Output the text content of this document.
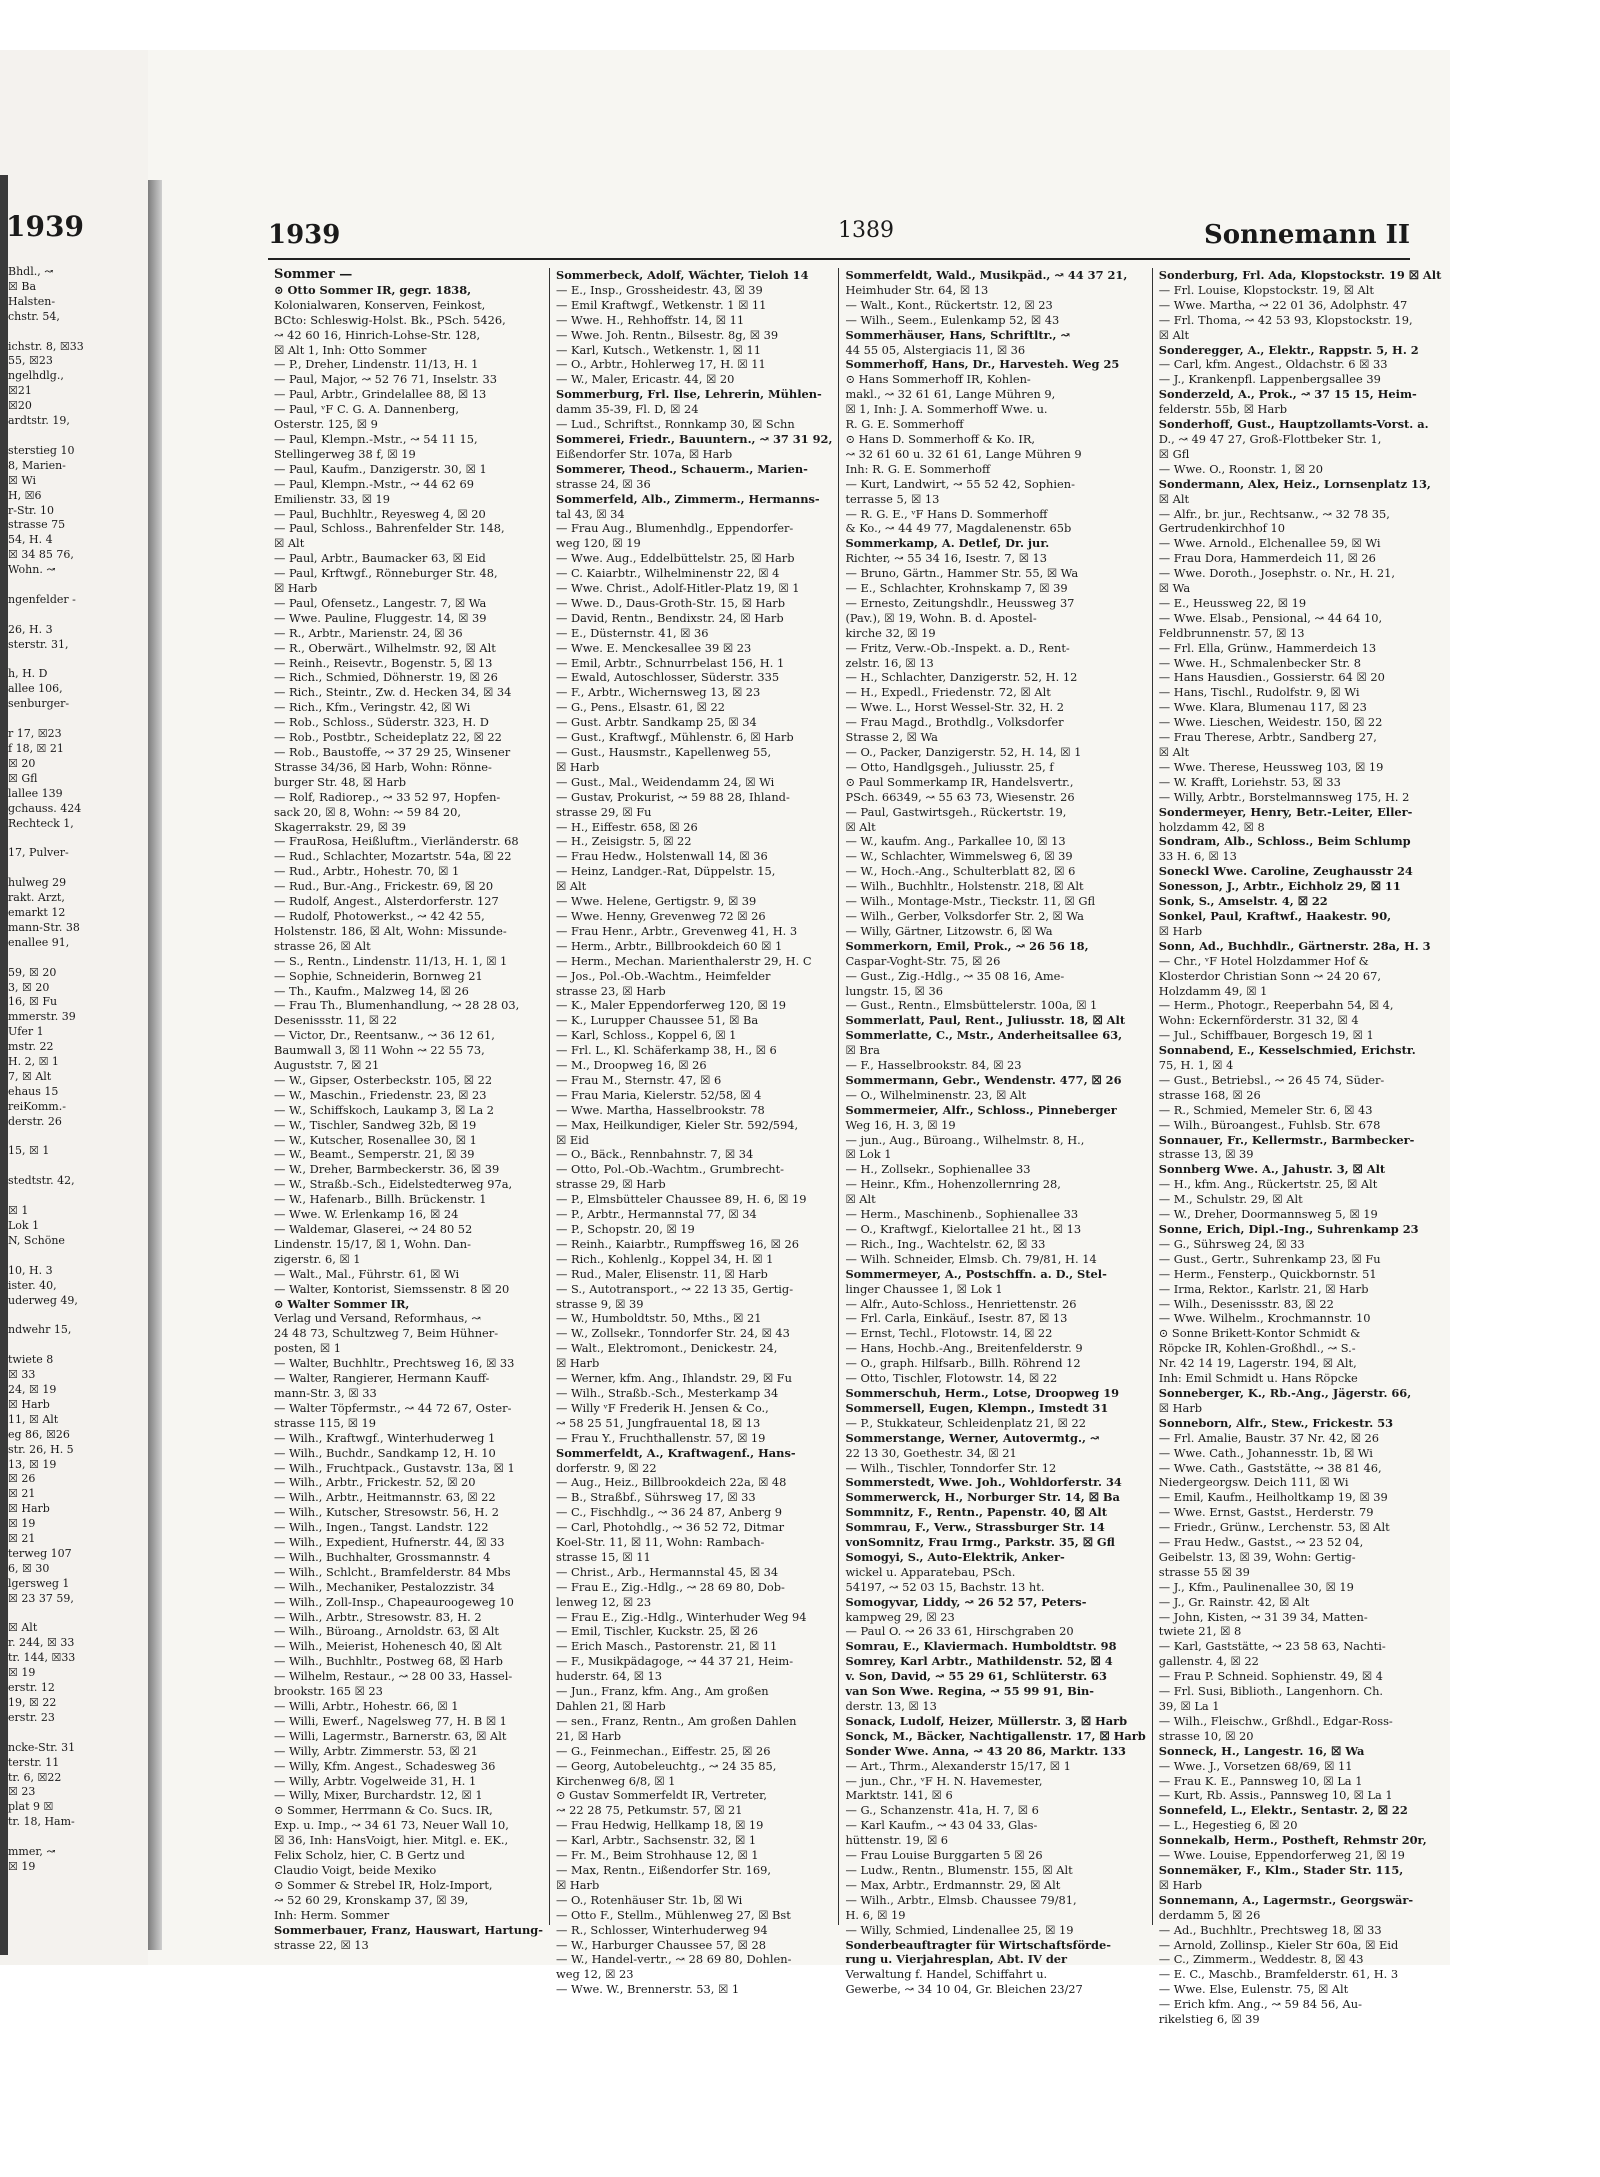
1939
Bhdl., ↝
☒ Ba
Halsten-
chstr. 54,

ichstr. 8, ☒33
55, ☒23
ngelhdlg.,
☒21
☒20
ardtstr. 19,

sterstieg 10
8, Marien-
☒ Wi
H, ☒6
r-Str. 10
strasse 75
54, H. 4
☒ 34 85 76,
Wohn. ↝

ngenfelder -

26, H. 3
sterstr. 31,

h, H. D
allee 106,
senburger-

r 17, ☒23
f 18, ☒ 21
☒ 20
☒ Gfl
lallee 139
gchauss. 424
Rechteck 1,

17, Pulver-

hulweg 29
rakt. Arzt,
emarkt 12
mann-Str. 38
enallee 91,

59, ☒ 20
3, ☒ 20
16, ☒ Fu
mmerstr. 39
Ufer 1
mstr. 22
H. 2, ☒ 1
7, ☒ Alt
ehaus 15
reiKomm.-
derstr. 26

15, ☒ 1

stedtstr. 42,

☒ 1
Lok 1
N, Schöne

10, H. 3
ister. 40,
uderweg 49,

ndwehr 15,

twiete 8
☒ 33
24, ☒ 19
☒ Harb
11, ☒ Alt
eg 86, ☒26
str. 26, H. 5
13, ☒ 19
☒ 26
☒ 21
☒ Harb
☒ 19
☒ 21
terweg 107
6, ☒ 30
lgersweg 1
☒ 23 37 59,

☒ Alt
r. 244, ☒ 33
tr. 144, ☒33
☒ 19
erstr. 12
19, ☒ 22
erstr. 23

ncke-Str. 31
terstr. 11
tr. 6, ☒22
☒ 23
plat 9 ☒
tr. 18, Ham-

mmer, ↝
☒ 19
1939	1389	Sonnemann II

Sommer —

⊙ Otto Sommer IR, gegr. 1838,

Kolonialwaren, Konserven, Feinkost,

BCto: Schleswig-Holst. Bk., PSch. 5426,

↝ 42 60 16, Hinrich-Lohse-Str. 128,

☒ Alt 1, Inh: Otto Sommer

— P., Dreher, Lindenstr. 11/13, H. 1

— Paul, Major, ↝ 52 76 71, Inselstr. 33

— Paul, Arbtr., Grindelallee 88, ☒ 13

— Paul, ᵛF C. G. A. Dannenberg,

Osterstr. 125, ☒ 9

— Paul, Klempn.-Mstr., ↝ 54 11 15,

Stellingerweg 38 f, ☒ 19

— Paul, Kaufm., Danzigerstr. 30, ☒ 1

— Paul, Klempn.-Mstr., ↝ 44 62 69

Emilienstr. 33, ☒ 19

— Paul, Buchhltr., Reyesweg 4, ☒ 20

— Paul, Schloss., Bahrenfelder Str. 148,

☒ Alt

— Paul, Arbtr., Baumacker 63, ☒ Eid

— Paul, Krftwgf., Rönneburger Str. 48,

☒ Harb

— Paul, Ofensetz., Langestr. 7, ☒ Wa

— Wwe. Pauline, Fluggestr. 14, ☒ 39

— R., Arbtr., Marienstr. 24, ☒ 36

— R., Oberwärt., Wilhelmstr. 92, ☒ Alt

— Reinh., Reisevtr., Bogenstr. 5, ☒ 13

— Rich., Schmied, Döhnerstr. 19, ☒ 26

— Rich., Steintr., Zw. d. Hecken 34, ☒ 34

— Rich., Kfm., Veringstr. 42, ☒ Wi

— Rob., Schloss., Süderstr. 323, H. D

— Rob., Postbtr., Scheideplatz 22, ☒ 22

— Rob., Baustoffe, ↝ 37 29 25, Winsener

Strasse 34/36, ☒ Harb, Wohn: Rönne-

burger Str. 48, ☒ Harb

— Rolf, Radiorep., ↝ 33 52 97, Hopfen-

sack 20, ☒ 8, Wohn: ↝ 59 84 20,

Skagerrakstr. 29, ☒ 39

— FrauRosa, Heißluftm., Vierländerstr. 68

— Rud., Schlachter, Mozartstr. 54a, ☒ 22

— Rud., Arbtr., Hohestr. 70, ☒ 1

— Rud., Bur.-Ang., Frickestr. 69, ☒ 20

— Rudolf, Angest., Alsterdorferstr. 127

— Rudolf, Photowerkst., ↝ 42 42 55,

Holstenstr. 186, ☒ Alt, Wohn: Missunde-

strasse 26, ☒ Alt

— S., Rentn., Lindenstr. 11/13, H. 1, ☒ 1

— Sophie, Schneiderin, Bornweg 21

— Th., Kaufm., Malzweg 14, ☒ 26

— Frau Th., Blumenhandlung, ↝ 28 28 03,

Desenissstr. 11, ☒ 22

— Victor, Dr., Reentsanw., ↝ 36 12 61,

Baumwall 3, ☒ 11 Wohn ↝ 22 55 73,

Auguststr. 7, ☒ 21

— W., Gipser, Osterbeckstr. 105, ☒ 22

— W., Maschin., Friedenstr. 23, ☒ 23

— W., Schiffskoch, Laukamp 3, ☒ La 2

— W., Tischler, Sandweg 32b, ☒ 19

— W., Kutscher, Rosenallee 30, ☒ 1

— W., Beamt., Semperstr. 21, ☒ 39

— W., Dreher, Barmbeckerstr. 36, ☒ 39

— W., Straßb.-Sch., Eidelstedterweg 97a,

— W., Hafenarb., Billh. Brückenstr. 1

— Wwe. W. Erlenkamp 16, ☒ 24

— Waldemar, Glaserei, ↝ 24 80 52

Lindenstr. 15/17, ☒ 1, Wohn. Dan-

zigerstr. 6, ☒ 1

— Walt., Mal., Führstr. 61, ☒ Wi

— Walter, Kontorist, Siemssenstr. 8 ☒ 20

⊙ Walter Sommer IR,

Verlag und Versand, Reformhaus, ↝

24 48 73, Schultzweg 7, Beim Hühner-

posten, ☒ 1

— Walter, Buchhltr., Prechtsweg 16, ☒ 33

— Walter, Rangierer, Hermann Kauff-

mann-Str. 3, ☒ 33

— Walter Töpfermstr., ↝ 44 72 67, Oster-

strasse 115, ☒ 19

— Wilh., Kraftwgf., Winterhuderweg 1

— Wilh., Buchdr., Sandkamp 12, H. 10

— Wilh., Fruchtpack., Gustavstr. 13a, ☒ 1

— Wilh., Arbtr., Frickestr. 52, ☒ 20

— Wilh., Arbtr., Heitmannstr. 63, ☒ 22

— Wilh., Kutscher, Stresowstr. 56, H. 2

— Wilh., Ingen., Tangst. Landstr. 122

— Wilh., Expedient, Hufnerstr. 44, ☒ 33

— Wilh., Buchhalter, Grossmannstr. 4

— Wilh., Schlcht., Bramfelderstr. 84 Mbs

— Wilh., Mechaniker, Pestalozzistr. 34

— Wilh., Zoll-Insp., Chapeauroogeweg 10

— Wilh., Arbtr., Stresowstr. 83, H. 2

— Wilh., Büroang., Arnoldstr. 63, ☒ Alt

— Wilh., Meierist, Hohenesch 40, ☒ Alt

— Wilh., Buchhltr., Postweg 68, ☒ Harb

— Wilhelm, Restaur., ↝ 28 00 33, Hassel-

brookstr. 165 ☒ 23

— Willi, Arbtr., Hohestr. 66, ☒ 1

— Willi, Ewerf., Nagelsweg 77, H. B ☒ 1

— Willi, Lagermstr., Barnerstr. 63, ☒ Alt

— Willy, Arbtr. Zimmerstr. 53, ☒ 21

— Willy, Kfm. Angest., Schadesweg 36

— Willy, Arbtr. Vogelweide 31, H. 1

— Willy, Mixer, Burchardstr. 12, ☒ 1

⊙ Sommer, Herrmann & Co. Sucs. IR,

Exp. u. Imp., ↝ 34 61 73, Neuer Wall 10,

☒ 36, Inh: HansVoigt, hier. Mitgl. e. EK.,

Felix Scholz, hier, C. B Gertz und

Claudio Voigt, beide Mexiko

⊙ Sommer & Strebel IR, Holz-Import,

↝ 52 60 29, Kronskamp 37, ☒ 39,

Inh: Herm. Sommer

Sommerbauer, Franz, Hauswart, Hartung-

strasse 22, ☒ 13

Sommerbeck, Adolf, Wächter, Tieloh 14

— E., Insp., Grossheidestr. 43, ☒ 39

— Emil Kraftwgf., Wetkenstr. 1 ☒ 11

— Wwe. H., Rehhoffstr. 14, ☒ 11

— Wwe. Joh. Rentn., Bilsestr. 8g, ☒ 39

— Karl, Kutsch., Wetkenstr. 1, ☒ 11

— O., Arbtr., Hohlerweg 17, H. ☒ 11

— W., Maler, Ericastr. 44, ☒ 20

Sommerburg, Frl. Ilse, Lehrerin, Mühlen-

damm 35-39, Fl. D, ☒ 24

— Lud., Schriftst., Ronnkamp 30, ☒ Schn

Sommerei, Friedr., Bauuntern., ↝ 37 31 92,

Eißendorfer Str. 107a, ☒ Harb

Sommerer, Theod., Schauerm., Marien-

strasse 24, ☒ 36

Sommerfeld, Alb., Zimmerm., Hermanns-

tal 43, ☒ 34

— Frau Aug., Blumenhdlg., Eppendorfer-

weg 120, ☒ 19

— Wwe. Aug., Eddelbüttelstr. 25, ☒ Harb

— C. Kaiarbtr., Wilhelminenstr 22, ☒ 4

— Wwe. Christ., Adolf-Hitler-Platz 19, ☒ 1

— Wwe. D., Daus-Groth-Str. 15, ☒ Harb

— David, Rentn., Bendixstr. 24, ☒ Harb

— E., Düsternstr. 41, ☒ 36

— Wwe. E. Menckesallee 39 ☒ 23

— Emil, Arbtr., Schnurrbelast 156, H. 1

— Ewald, Autoschlosser, Süderstr. 335

— F., Arbtr., Wichernsweg 13, ☒ 23

— G., Pens., Elsastr. 61, ☒ 22

— Gust. Arbtr. Sandkamp 25, ☒ 34

— Gust., Kraftwgf., Mühlenstr. 6, ☒ Harb

— Gust., Hausmstr., Kapellenweg 55,

☒ Harb

— Gust., Mal., Weidendamm 24, ☒ Wi

— Gustav, Prokurist, ↝ 59 88 28, Ihland-

strasse 29, ☒ Fu

— H., Eiffestr. 658, ☒ 26

— H., Zeisigstr. 5, ☒ 22

— Frau Hedw., Holstenwall 14, ☒ 36

— Heinz, Landger.-Rat, Düppelstr. 15,

☒ Alt

— Wwe. Helene, Gertigstr. 9, ☒ 39

— Wwe. Henny, Grevenweg 72 ☒ 26

— Frau Henr., Arbtr., Grevenweg 41, H. 3

— Herm., Arbtr., Billbrookdeich 60 ☒ 1

— Herm., Mechan. Marienthalerstr 29, H. C

— Jos., Pol.-Ob.-Wachtm., Heimfelder

strasse 23, ☒ Harb

— K., Maler Eppendorferweg 120, ☒ 19

— K., Lurupper Chaussee 51, ☒ Ba

— Karl, Schloss., Koppel 6, ☒ 1

— Frl. L., Kl. Schäferkamp 38, H., ☒ 6

— M., Droopweg 16, ☒ 26

— Frau M., Sternstr. 47, ☒ 6

— Frau Maria, Kielerstr. 52/58, ☒ 4

— Wwe. Martha, Hasselbrookstr. 78

— Max, Heilkundiger, Kieler Str. 592/594,

☒ Eid

— O., Bäck., Rennbahnstr. 7, ☒ 34

— Otto, Pol.-Ob.-Wachtm., Grumbrecht-

strasse 29, ☒ Harb

— P., Elmsbütteler Chaussee 89, H. 6, ☒ 19

— P., Arbtr., Hermannstal 77, ☒ 34

— P., Schopstr. 20, ☒ 19

— Reinh., Kaiarbtr., Rumpffsweg 16, ☒ 26

— Rich., Kohlenlg., Koppel 34, H. ☒ 1

— Rud., Maler, Elisenstr. 11, ☒ Harb

— S., Autotransport., ↝ 22 13 35, Gertig-

strasse 9, ☒ 39

— W., Humboldtstr. 50, Mths., ☒ 21

— W., Zollsekr., Tonndorfer Str. 24, ☒ 43

— Walt., Elektromont., Denickestr. 24,

☒ Harb

— Werner, kfm. Ang., Ihlandstr. 29, ☒ Fu

— Wilh., Straßb.-Sch., Mesterkamp 34

— Willy ᵛF Frederik H. Jensen & Co.,

↝ 58 25 51, Jungfrauental 18, ☒ 13

— Frau Y., Fruchthallenstr. 57, ☒ 19

Sommerfeldt, A., Kraftwagenf., Hans-

dorferstr. 9, ☒ 22

— Aug., Heiz., Billbrookdeich 22a, ☒ 48

— B., Straßbf., Sührsweg 17, ☒ 33

— C., Fischhdlg., ↝ 36 24 87, Anberg 9

— Carl, Photohdlg., ↝ 36 52 72, Ditmar

Koel-Str. 11, ☒ 11, Wohn: Rambach-

strasse 15, ☒ 11

— Christ., Arb., Hermannstal 45, ☒ 34

— Frau E., Zig.-Hdlg., ↝ 28 69 80, Dob-

lenweg 12, ☒ 23

— Frau E., Zig.-Hdlg., Winterhuder Weg 94

— Emil, Tischler, Kuckstr. 25, ☒ 26

— Erich Masch., Pastorenstr. 21, ☒ 11

— F., Musikpädagoge, ↝ 44 37 21, Heim-

huderstr. 64, ☒ 13

— Jun., Franz, kfm. Ang., Am großen

Dahlen 21, ☒ Harb

— sen., Franz, Rentn., Am großen Dahlen

21, ☒ Harb

— G., Feinmechan., Eiffestr. 25, ☒ 26

— Georg, Autobeleuchtg., ↝ 24 35 85,

Kirchenweg 6/8, ☒ 1

⊙ Gustav Sommerfeldt IR, Vertreter,

↝ 22 28 75, Petkumstr. 57, ☒ 21

— Frau Hedwig, Hellkamp 18, ☒ 19

— Karl, Arbtr., Sachsenstr. 32, ☒ 1

— Fr. M., Beim Strohhause 12, ☒ 1

— Max, Rentn., Eißendorfer Str. 169,

☒ Harb

— O., Rotenhäuser Str. 1b, ☒ Wi

— Otto F., Stellm., Mühlenweg 27, ☒ Bst

— R., Schlosser, Winterhuderweg 94

— W., Harburger Chaussee 57, ☒ 28

— W., Handel-vertr., ↝ 28 69 80, Dohlen-

weg 12, ☒ 23

— Wwe. W., Brennerstr. 53, ☒ 1

Sommerfeldt, Wald., Musikpäd., ↝ 44 37 21,

Heimhuder Str. 64, ☒ 13

— Walt., Kont., Rückertstr. 12, ☒ 23

— Wilh., Seem., Eulenkamp 52, ☒ 43

Sommerhäuser, Hans, Schriftltr., ↝

44 55 05, Alstergiacis 11, ☒ 36

Sommerhoff, Hans, Dr., Harvesteh. Weg 25

⊙ Hans Sommerhoff IR, Kohlen-

makl., ↝ 32 61 61, Lange Mühren 9,

☒ 1, Inh: J. A. Sommerhoff Wwe. u.

R. G. E. Sommerhoff

⊙ Hans D. Sommerhoff & Ko. IR,

↝ 32 61 60 u. 32 61 61, Lange Mühren 9

Inh: R. G. E. Sommerhoff

— Kurt, Landwirt, ↝ 55 52 42, Sophien-

terrasse 5, ☒ 13

— R. G. E., ᵛF Hans D. Sommerhoff

& Ko., ↝ 44 49 77, Magdalenenstr. 65b

Sommerkamp, A. Detlef, Dr. jur.

Richter, ↝ 55 34 16, Isestr. 7, ☒ 13

— Bruno, Gärtn., Hammer Str. 55, ☒ Wa

— E., Schlachter, Krohnskamp 7, ☒ 39

— Ernesto, Zeitungshdlr., Heussweg 37

(Pav.), ☒ 19, Wohn. B. d. Apostel-

kirche 32, ☒ 19

— Fritz, Verw.-Ob.-Inspekt. a. D., Rent-

zelstr. 16, ☒ 13

— H., Schlachter, Danzigerstr. 52, H. 12

— H., Expedl., Friedenstr. 72, ☒ Alt

— Wwe. L., Horst Wessel-Str. 32, H. 2

— Frau Magd., Brothdlg., Volksdorfer

Strasse 2, ☒ Wa

— O., Packer, Danzigerstr. 52, H. 14, ☒ 1

— Otto, Handlgsgeh., Juliusstr. 25, f

⊙ Paul Sommerkamp IR, Handelsvertr.,

PSch. 66349, ↝ 55 63 73, Wiesenstr. 26

— Paul, Gastwirtsgeh., Rückertstr. 19,

☒ Alt

— W., kaufm. Ang., Parkallee 10, ☒ 13

— W., Schlachter, Wimmelsweg 6, ☒ 39

— W., Hoch.-Ang., Schulterblatt 82, ☒ 6

— Wilh., Buchhltr., Holstenstr. 218, ☒ Alt

— Wilh., Montage-Mstr., Tieckstr. 11, ☒ Gfl

— Wilh., Gerber, Volksdorfer Str. 2, ☒ Wa

— Willy, Gärtner, Litzowstr. 6, ☒ Wa

Sommerkorn, Emil, Prok., ↝ 26 56 18,

Caspar-Voght-Str. 75, ☒ 26

— Gust., Zig.-Hdlg., ↝ 35 08 16, Ame-

lungstr. 15, ☒ 36

— Gust., Rentn., Elmsbüttelerstr. 100a, ☒ 1

Sommerlatt, Paul, Rent., Juliusstr. 18, ☒ Alt

Sommerlatte, C., Mstr., Anderheitsallee 63,

☒ Bra

— F., Hasselbrookstr. 84, ☒ 23

Sommermann, Gebr., Wendenstr. 477, ☒ 26

— O., Wilhelminenstr. 23, ☒ Alt

Sommermeier, Alfr., Schloss., Pinneberger

Weg 16, H. 3, ☒ 19

— jun., Aug., Büroang., Wilhelmstr. 8, H.,

☒ Lok 1

— H., Zollsekr., Sophienallee 33

— Heinr., Kfm., Hohenzollernring 28,

☒ Alt

— Herm., Maschinenb., Sophienallee 33

— O., Kraftwgf., Kielortallee 21 ht., ☒ 13

— Rich., Ing., Wachtelstr. 62, ☒ 33

— Wilh. Schneider, Elmsb. Ch. 79/81, H. 14

Sommermeyer, A., Postschffn. a. D., Stel-

linger Chaussee 1, ☒ Lok 1

— Alfr., Auto-Schloss., Henriettenstr. 26

— Frl. Carla, Einkäuf., Isestr. 87, ☒ 13

— Ernst, Techl., Flotowstr. 14, ☒ 22

— Hans, Hochb.-Ang., Breitenfelderstr. 9

— O., graph. Hilfsarb., Billh. Röhrend 12

— Otto, Tischler, Flotowstr. 14, ☒ 22

Sommerschuh, Herm., Lotse, Droopweg 19

Sommersell, Eugen, Klempn., Imstedt 31

— P., Stukkateur, Schleidenplatz 21, ☒ 22

Sommerstange, Werner, Autovermtg., ↝

22 13 30, Goethestr. 34, ☒ 21

— Wilh., Tischler, Tonndorfer Str. 12

Sommerstedt, Wwe. Joh., Wohldorferstr. 34

Sommerwerck, H., Norburger Str. 14, ☒ Ba

Sommnitz, F., Rentn., Papenstr. 40, ☒ Alt

Sommrau, F., Verw., Strassburger Str. 14

vonSomnitz, Frau Irmg., Parkstr. 35, ☒ Gfl

Somogyi, S., Auto-Elektrik, Anker-

wickel u. Apparatebau, PSch.

54197, ↝ 52 03 15, Bachstr. 13 ht.

Somogyvar, Liddy, ↝ 26 52 57, Peters-

kampweg 29, ☒ 23

— Paul O. ↝ 26 33 61, Hirschgraben 20

Somrau, E., Klaviermach. Humboldtstr. 98

Somrey, Karl Arbtr., Mathildenstr. 52, ☒ 4

v. Son, David, ↝ 55 29 61, Schlüterstr. 63

van Son Wwe. Regina, ↝ 55 99 91, Bin-

derstr. 13, ☒ 13

Sonack, Ludolf, Heizer, Müllerstr. 3, ☒ Harb

Sonck, M., Bäcker, Nachtigallenstr. 17, ☒ Harb

Sonder Wwe. Anna, ↝ 43 20 86, Marktr. 133

— Art., Thrm., Alexanderstr 15/17, ☒ 1

— jun., Chr., ᵛF H. N. Havemester,

Marktstr. 141, ☒ 6

— G., Schanzenstr. 41a, H. 7, ☒ 6

— Karl Kaufm., ↝ 43 04 33, Glas-

hüttenstr. 19, ☒ 6

— Frau Louise Burggarten 5 ☒ 26

— Ludw., Rentn., Blumenstr. 155, ☒ Alt

— Max, Arbtr., Erdmannstr. 29, ☒ Alt

— Wilh., Arbtr., Elmsb. Chaussee 79/81,

H. 6, ☒ 19

— Willy, Schmied, Lindenallee 25, ☒ 19

Sonderbeauftragter für Wirtschaftsförde-

rung u. Vierjahresplan, Abt. IV der

Verwaltung f. Handel, Schiffahrt u.

Gewerbe, ↝ 34 10 04, Gr. Bleichen 23/27

Sonderburg, Frl. Ada, Klopstockstr. 19 ☒ Alt

— Frl. Louise, Klopstockstr. 19, ☒ Alt

— Wwe. Martha, ↝ 22 01 36, Adolphstr. 47

— Frl. Thoma, ↝ 42 53 93, Klopstockstr. 19,

☒ Alt

Sonderegger, A., Elektr., Rappstr. 5, H. 2

— Carl, kfm. Angest., Oldachstr. 6 ☒ 33

— J., Krankenpfl. Lappenbergsallee 39

Sonderzeld, A., Prok., ↝ 37 15 15, Heim-

felderstr. 55b, ☒ Harb

Sonderhoff, Gust., Hauptzollamts-Vorst. a.

D., ↝ 49 47 27, Groß-Flottbeker Str. 1,

☒ Gfl

— Wwe. O., Roonstr. 1, ☒ 20

Sondermann, Alex, Heiz., Lornsenplatz 13,

☒ Alt

— Alfr., br. jur., Rechtsanw., ↝ 32 78 35,

Gertrudenkirchhof 10

— Wwe. Arnold., Elchenallee 59, ☒ Wi

— Frau Dora, Hammerdeich 11, ☒ 26

— Wwe. Doroth., Josephstr. o. Nr., H. 21,

☒ Wa

— E., Heussweg 22, ☒ 19

— Wwe. Elsab., Pensional, ↝ 44 64 10,

Feldbrunnenstr. 57, ☒ 13

— Frl. Ella, Grünw., Hammerdeich 13

— Wwe. H., Schmalenbecker Str. 8

— Hans Hausdien., Gossierstr. 64 ☒ 20

— Hans, Tischl., Rudolfstr. 9, ☒ Wi

— Wwe. Klara, Blumenau 117, ☒ 23

— Wwe. Lieschen, Weidestr. 150, ☒ 22

— Frau Therese, Arbtr., Sandberg 27,

☒ Alt

— Wwe. Therese, Heussweg 103, ☒ 19

— W. Krafft, Loriehstr. 53, ☒ 33

— Willy, Arbtr., Borstelmannsweg 175, H. 2

Sondermeyer, Henry, Betr.-Leiter, Eller-

holzdamm 42, ☒ 8

Sondram, Alb., Schloss., Beim Schlump

33 H. 6, ☒ 13

Soneckl Wwe. Caroline, Zeughausstr 24

Sonesson, J., Arbtr., Eichholz 29, ☒ 11

Sonk, S., Amselstr. 4, ☒ 22

Sonkel, Paul, Kraftwf., Haakestr. 90,

☒ Harb

Sonn, Ad., Buchhdlr., Gärtnerstr. 28a, H. 3

— Chr., ᵛF Hotel Holzdammer Hof &

Klosterdor Christian Sonn ↝ 24 20 67,

Holzdamm 49, ☒ 1

— Herm., Photogr., Reeperbahn 54, ☒ 4,

Wohn: Eckernförderstr. 31 32, ☒ 4

— Jul., Schiffbauer, Borgesch 19, ☒ 1

Sonnabend, E., Kesselschmied, Erichstr.

75, H. 1, ☒ 4

— Gust., Betriebsl., ↝ 26 45 74, Süder-

strasse 168, ☒ 26

— R., Schmied, Memeler Str. 6, ☒ 43

— Wilh., Büroangest., Fuhlsb. Str. 678

Sonnauer, Fr., Kellermstr., Barmbecker-

strasse 13, ☒ 39

Sonnberg Wwe. A., Jahustr. 3, ☒ Alt

— H., kfm. Ang., Rückertstr. 25, ☒ Alt

— M., Schulstr. 29, ☒ Alt

— W., Dreher, Doormannsweg 5, ☒ 19

Sonne, Erich, Dipl.-Ing., Suhrenkamp 23

— G., Sührsweg 24, ☒ 33

— Gust., Gertr., Suhrenkamp 23, ☒ Fu

— Herm., Fensterp., Quickbornstr. 51

— Irma, Rektor., Karlstr. 21, ☒ Harb

— Wilh., Desenissstr. 83, ☒ 22

— Wwe. Wilhelm., Krochmannstr. 10

⊙ Sonne Brikett-Kontor Schmidt &

Röpcke IR, Kohlen-Großhdl., ↝ S.-

Nr. 42 14 19, Lagerstr. 194, ☒ Alt,

Inh: Emil Schmidt u. Hans Röpcke

Sonneberger, K., Rb.-Ang., Jägerstr. 66,

☒ Harb

Sonneborn, Alfr., Stew., Frickestr. 53

— Frl. Amalie, Baustr. 37 Nr. 42, ☒ 26

— Wwe. Cath., Johannesstr. 1b, ☒ Wi

— Wwe. Cath., Gaststätte, ↝ 38 81 46,

Niedergeorgsw. Deich 111, ☒ Wi

— Emil, Kaufm., Heilholtkamp 19, ☒ 39

— Wwe. Ernst, Gastst., Herderstr. 79

— Friedr., Grünw., Lerchenstr. 53, ☒ Alt

— Frau Hedw., Gastst., ↝ 23 52 04,

Geibelstr. 13, ☒ 39, Wohn: Gertig-

strasse 55 ☒ 39

— J., Kfm., Paulinenallee 30, ☒ 19

— J., Gr. Rainstr. 42, ☒ Alt

— John, Kisten, ↝ 31 39 34, Matten-

twiete 21, ☒ 8

— Karl, Gaststätte, ↝ 23 58 63, Nachti-

gallenstr. 4, ☒ 22

— Frau P. Schneid. Sophienstr. 49, ☒ 4

— Frl. Susi, Biblioth., Langenhorn. Ch.

39, ☒ La 1

— Wilh., Fleischw., Grßhdl., Edgar-Ross-

strasse 10, ☒ 20

Sonneck, H., Langestr. 16, ☒ Wa

— Wwe. J., Vorsetzen 68/69, ☒ 11

— Frau K. E., Pannsweg 10, ☒ La 1

— Kurt, Rb. Assis., Pannsweg 10, ☒ La 1

Sonnefeld, L., Elektr., Sentastr. 2, ☒ 22

— L., Hegestieg 6, ☒ 20

Sonnekalb, Herm., Postheft, Rehmstr 20r,

— Wwe. Louise, Eppendorferweg 21, ☒ 19

Sonnemäker, F., Klm., Stader Str. 115,

☒ Harb

Sonnemann, A., Lagermstr., Georgswär-

derdamm 5, ☒ 26

— Ad., Buchhltr., Prechtsweg 18, ☒ 33

— Arnold, Zollinsp., Kieler Str 60a, ☒ Eid

— C., Zimmerm., Weddestr. 8, ☒ 43

— E. C., Maschb., Bramfelderstr. 61, H. 3

— Wwe. Else, Eulenstr. 75, ☒ Alt

— Erich kfm. Ang., ↝ 59 84 56, Au-

rikelstieg 6, ☒ 39
